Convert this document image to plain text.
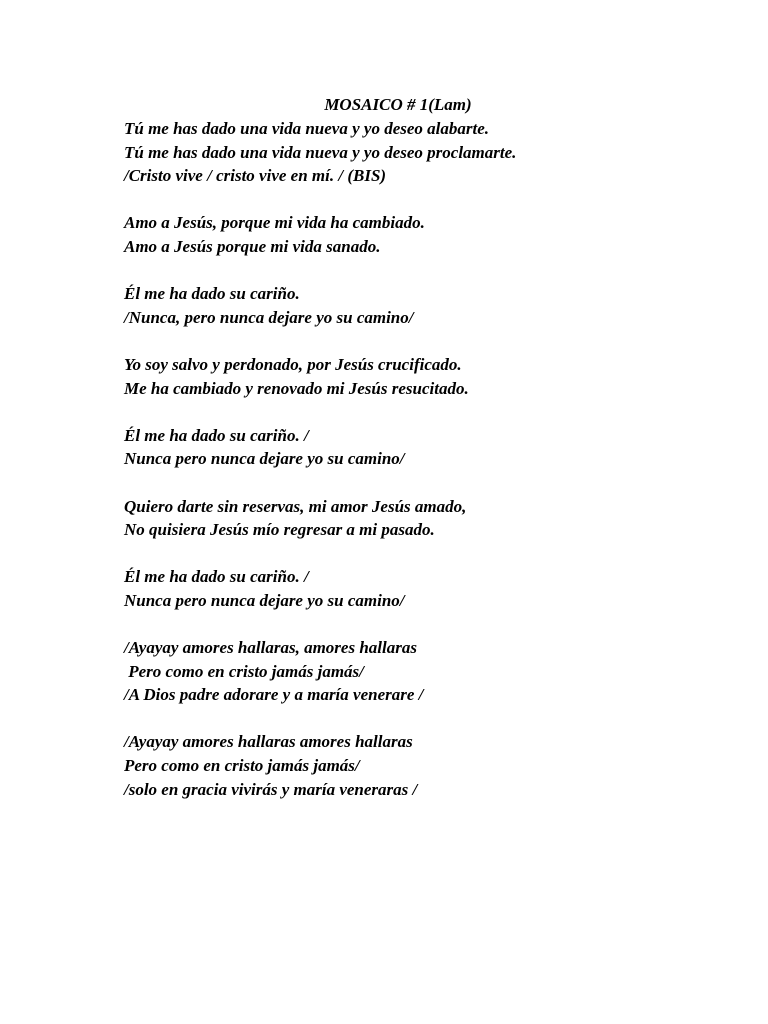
MOSAICO # 1(Lam)
Tú me has dado una vida nueva y yo deseo alabarte.
Tú me has dado una vida nueva y yo deseo proclamarte.
/Cristo vive / cristo vive en mí. / (BIS)
Amo a Jesús, porque mi vida ha cambiado.
Amo a Jesús porque mi vida sanado.
Él me ha dado su cariño.
/Nunca, pero nunca dejare yo su camino/
Yo soy salvo y perdonado, por Jesús crucificado.
Me ha cambiado y renovado mi Jesús resucitado.
Él me ha dado su cariño. /
Nunca pero nunca dejare yo su camino/
Quiero darte sin reservas, mi amor Jesús amado,
No quisiera Jesús mío regresar a mi pasado.
Él me ha dado su cariño. /
Nunca pero nunca dejare yo su camino/
/Ayayay amores hallaras, amores hallaras
Pero como en cristo jamás jamás/
/A Dios padre adorare y a maría venerare /
/Ayayay amores hallaras amores hallaras
Pero como en cristo jamás jamás/
/solo en gracia vivirás y maría veneraras /
